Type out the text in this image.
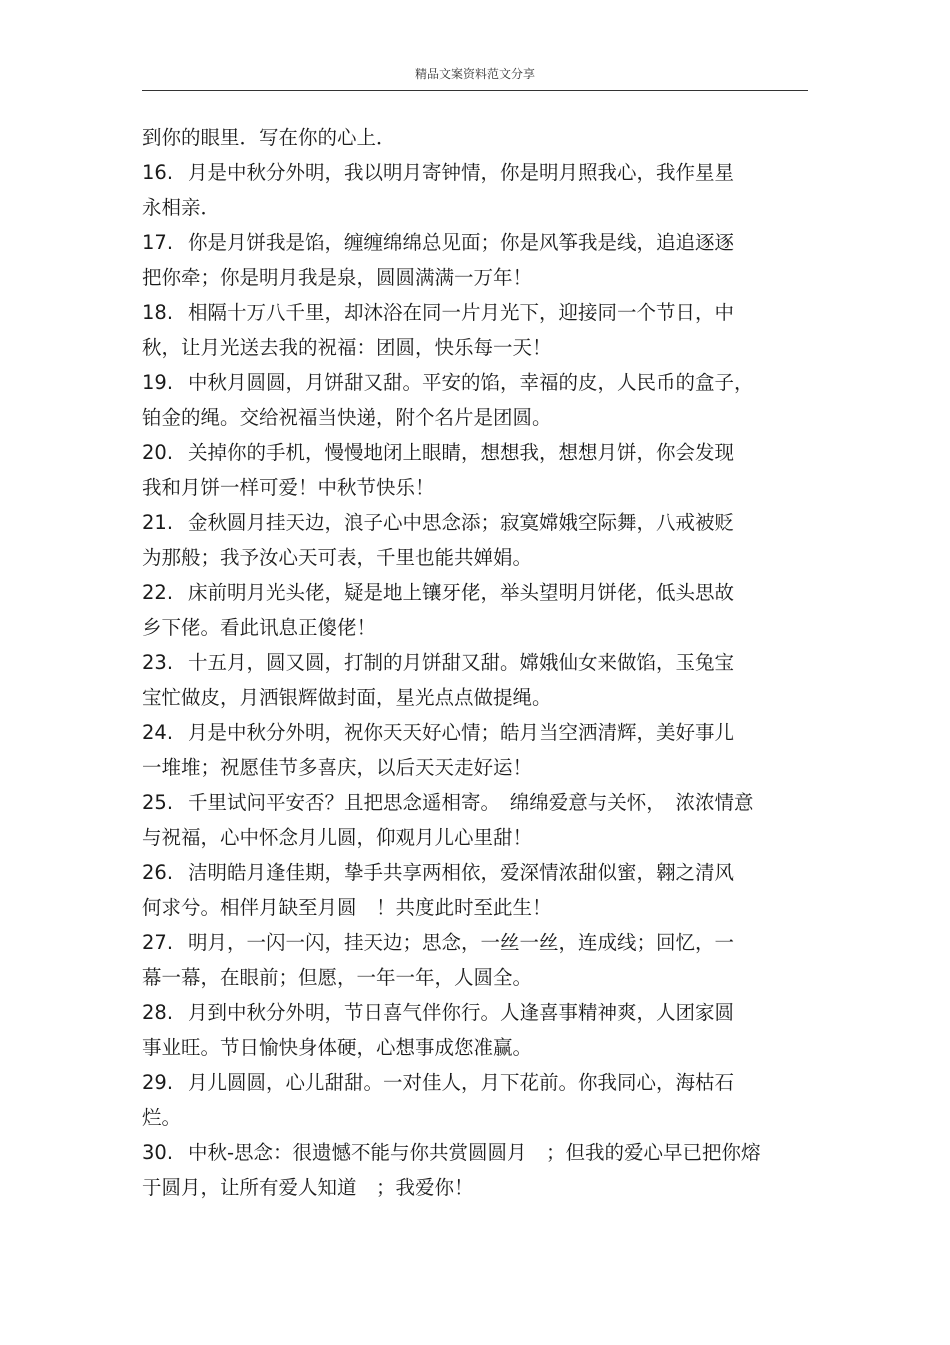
精品文案资料范文分享
到你的眼里．写在你的心上．
16. 月是中秋分外明，我以明月寄钟情，你是明月照我心，我作星星
永相亲．
17. 你是月饼我是馅，缠缠绵绵总见面；你是风筝我是线，追追逐逐
把你牵；你是明月我是泉，圆圆满满一万年！
18. 相隔十万八千里，却沐浴在同一片月光下，迎接同一个节日，中
秋，让月光送去我的祝福：团圆，快乐每一天！
19. 中秋月圆圆，月饼甜又甜。平安的馅，幸福的皮，人民币的盒子，
铂金的绳。交给祝福当快递，附个名片是团圆。
20. 关掉你的手机，慢慢地闭上眼睛，想想我，想想月饼，你会发现
我和月饼一样可爱！中秋节快乐！
21. 金秋圆月挂天边，浪子心中思念添；寂寞嫦娥空际舞，八戒被贬
为那般；我予汝心天可表，千里也能共婵娟。
22. 床前明月光头佬，疑是地上镶牙佬，举头望明月饼佬，低头思故
乡下佬。看此讯息正傻佬！
23. 十五月，圆又圆，打制的月饼甜又甜。嫦娥仙女来做馅，玉兔宝
宝忙做皮，月洒银辉做封面，星光点点做提绳。
24. 月是中秋分外明，祝你天天好心情；皓月当空洒清辉，美好事儿
一堆堆；祝愿佳节多喜庆，以后天天走好运！
25. 千里试问平安否？且把思念遥相寄。　绵绵爱意与关怀，　浓浓情意
与祝福，心中怀念月儿圆，仰观月儿心里甜！
26. 洁明皓月逢佳期，挚手共享两相依，爱深情浓甜似蜜，翱之清风
何求兮。相伴月缺至月圆　！共度此时至此生！
27. 明月，一闪一闪，挂天边；思念，一丝一丝，连成线；回忆，一
幕一幕，在眼前；但愿，一年一年，人圆全。
28. 月到中秋分外明，节日喜气伴你行。人逢喜事精神爽，人团家圆
事业旺。节日愉快身体硬，心想事成您准赢。
29. 月儿圆圆，心儿甜甜。一对佳人，月下花前。你我同心，海枯石
烂。
30. 中秋-思念：很遗憾不能与你共赏圆圆月　；但我的爱心早已把你熔
于圆月，让所有爱人知道　；我爱你！
